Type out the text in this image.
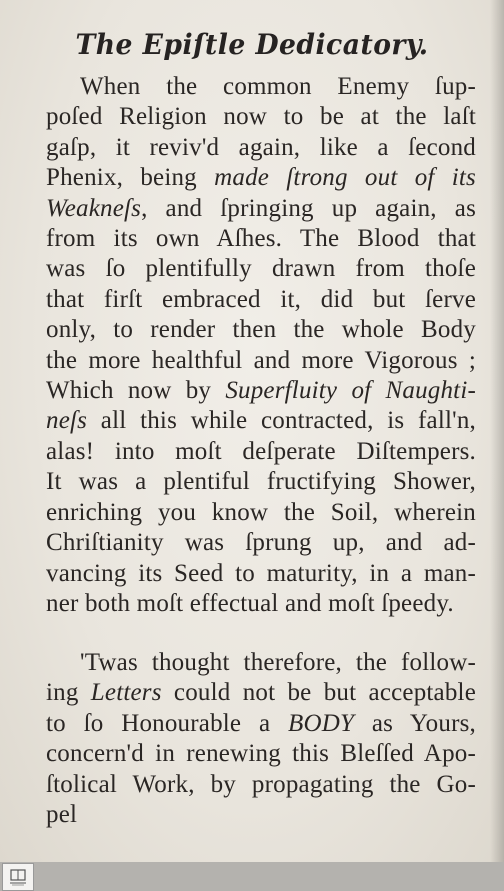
The Epiſtle Dedicatory.
When the common Enemy ſup-
poſed Religion now to be at the laſt
gaſp, it reviv'd again, like a ſecond
Phenix, being made ſtrong out of its
Weakneſs, and ſpringing up again, as
from its own Aſhes. The Blood that
was ſo plentifully drawn from thoſe
that firſt embraced it, did but ſerve
only, to render then the whole Body
the more healthful and more Vigorous ;
Which now by Superfluity of Naughti-
neſs all this while contracted, is fall'n,
alas! into moſt deſperate Diſtempers.
It was a plentiful fructifying Shower,
enriching you know the Soil, wherein
Chriſtianity was ſprung up, and ad-
vancing its Seed to maturity, in a man-
ner both moſt effectual and moſt ſpeedy.
'Twas thought therefore, the follow-
ing Letters could not be but acceptable
to ſo Honourable a BODY as Yours,
concern'd in renewing this Bleſſed Apo-
ſtolical Work, by propagating the Go-
pel
